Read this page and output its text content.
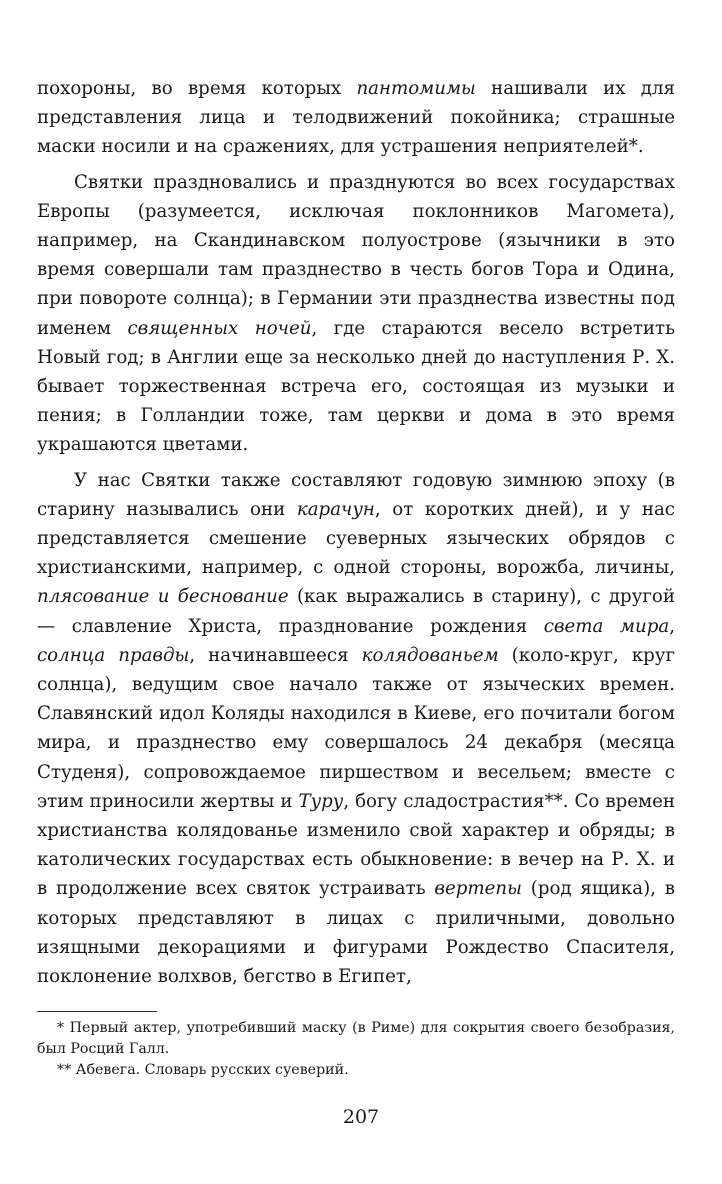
похороны, во время которых пантомимы нашивали их для представления лица и телодвижений покойника; страшные маски носили и на сражениях, для устрашения неприятелей*.

Святки праздновались и празднуются во всех государствах Европы (разумеется, исключая поклонников Магомета), например, на Скандинавском полуострове (язычники в это время совершали там празднество в честь богов Тора и Одина, при повороте солнца); в Германии эти празднества известны под именем священных ночей, где стараются весело встретить Новый год; в Англии еще за несколько дней до наступления Р. Х. бывает торжественная встреча его, состоящая из музыки и пения; в Голландии тоже, там церкви и дома в это время украшаются цветами.

У нас Святки также составляют годовую зимнюю эпоху (в старину назывались они карачун, от коротких дней), и у нас представляется смешение суеверных языческих обрядов с христианскими, например, с одной стороны, ворожба, личины, плясование и беснование (как выражались в старину), с другой — славление Христа, празднование рождения света мира, солнца правды, начинавшееся колядованьем (коло-круг, круг солнца), ведущим свое начало также от языческих времен. Славянский идол Коляды находился в Киеве, его почитали богом мира, и празднество ему совершалось 24 декабря (месяца Студеня), сопровождаемое пиршеством и весельем; вместе с этим приносили жертвы и Туру, богу сладострастия**. Со времен христианства колядованье изменило свой характер и обряды; в католических государствах есть обыкновение: в вечер на Р. Х. и в продолжение всех святок устраивать вертепы (род ящика), в которых представляют в лицах с приличными, довольно изящными декорациями и фигурами Рождество Спасителя, поклонение волхвов, бегство в Египет,

* Первый актер, употребивший маску (в Риме) для сокрытия своего безобразия, был Росций Галл.

** Абевега. Словарь русских суеверий.

207
